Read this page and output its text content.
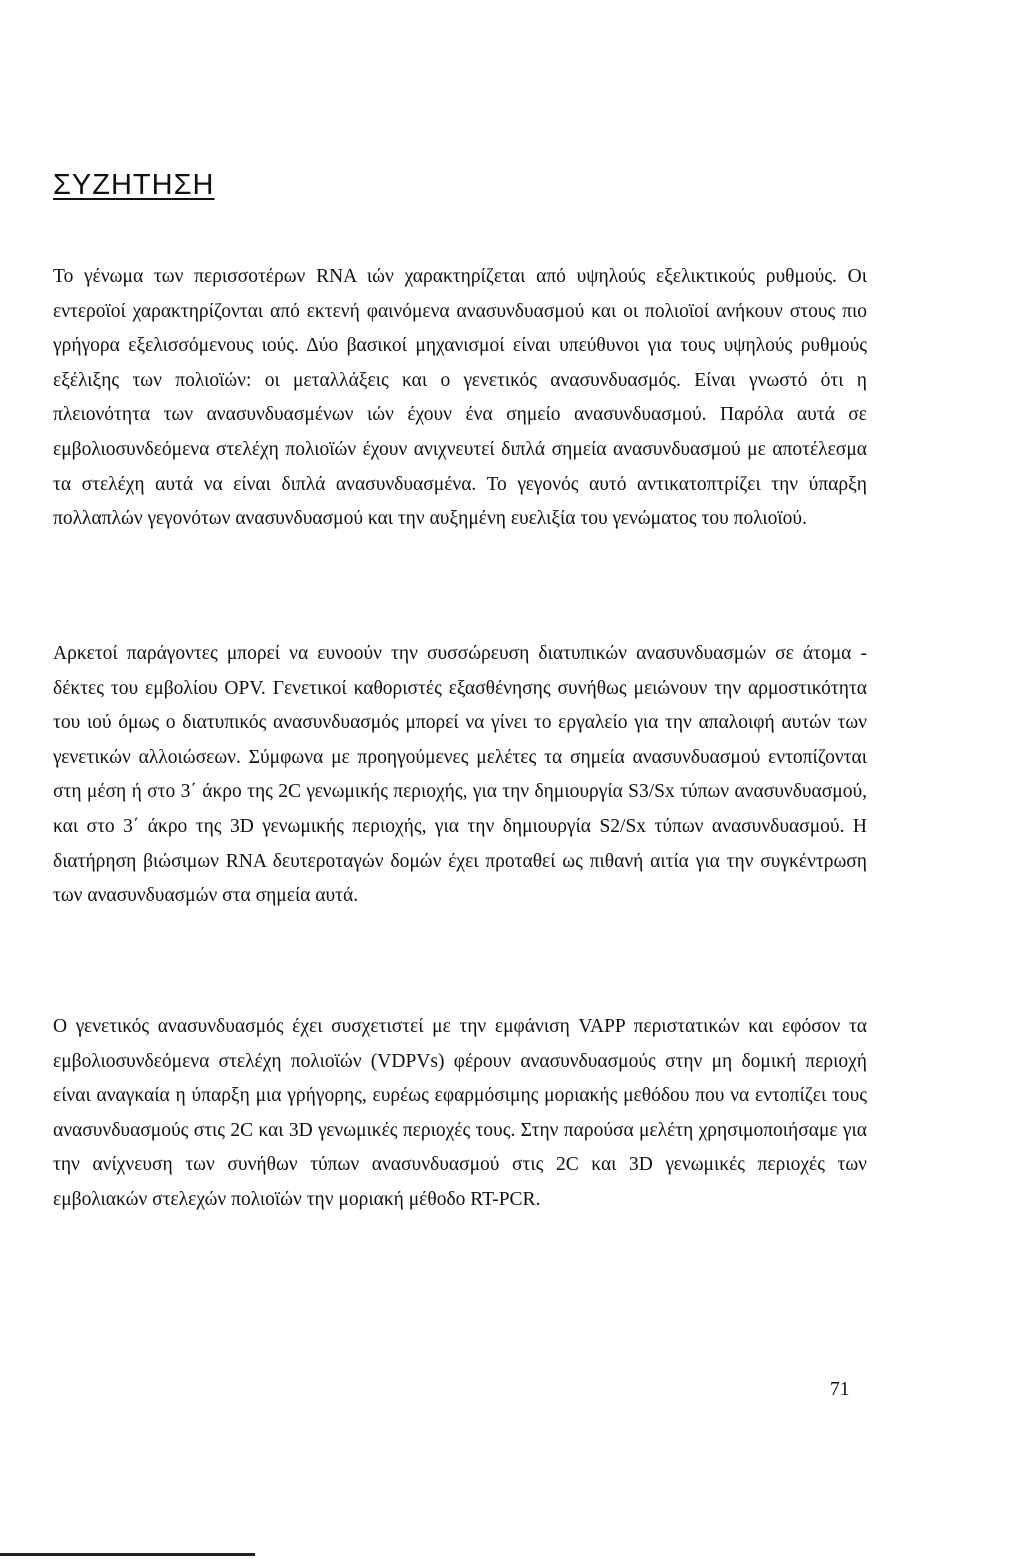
ΣΥΖΗΤΗΣΗ

Το γένωμα των περισσοτέρων RNA ιών χαρακτηρίζεται από υψηλούς εξελικτικούς ρυθμούς. Οι εντεροϊοί χαρακτηρίζονται από εκτενή φαινόμενα ανασυνδυασμού και οι πολιοϊοί ανήκουν στους πιο γρήγορα εξελισσόμενους ιούς. Δύο βασικοί μηχανισμοί είναι υπεύθυνοι για τους υψηλούς ρυθμούς εξέλιξης των πολιοϊών: οι μεταλλάξεις και ο γενετικός ανασυνδυασμός. Είναι γνωστό ότι η πλειονότητα των ανασυνδυασμένων ιών έχουν ένα σημείο ανασυνδυασμού. Παρόλα αυτά σε εμβολιοσυνδεόμενα στελέχη πολιοϊών έχουν ανιχνευτεί διπλά σημεία ανασυνδυασμού με αποτέλεσμα τα στελέχη αυτά να είναι διπλά ανασυνδυασμένα. Το γεγονός αυτό αντικατοπτρίζει την ύπαρξη πολλαπλών γεγονότων ανασυνδυασμού και την αυξημένη ευελιξία του γενώματος του πολιοϊού.

Αρκετοί παράγοντες μπορεί να ευνοούν την συσσώρευση διατυπικών ανασυνδυασμών σε άτομα - δέκτες του εμβολίου OPV. Γενετικοί καθοριστές εξασθένησης συνήθως μειώνουν την αρμοστικότητα του ιού όμως ο διατυπικός ανασυνδυασμός μπορεί να γίνει το εργαλείο για την απαλοιφή αυτών των γενετικών αλλοιώσεων. Σύμφωνα με προηγούμενες μελέτες τα σημεία ανασυνδυασμού εντοπίζονται στη μέση ή στο 3΄ άκρο της 2C γενωμικής περιοχής, για την δημιουργία S3/Sx τύπων ανασυνδυασμού, και στο 3΄ άκρο της 3D γενωμικής περιοχής, για την δημιουργία S2/Sx τύπων ανασυνδυασμού. Η διατήρηση βιώσιμων RNA δευτεροταγών δομών έχει προταθεί ως πιθανή αιτία για την συγκέντρωση των ανασυνδυασμών στα σημεία αυτά.

Ο γενετικός ανασυνδυασμός έχει συσχετιστεί με την εμφάνιση VAPP περιστατικών και εφόσον τα εμβολιοσυνδεόμενα στελέχη πολιοϊών (VDPVs) φέρουν ανασυνδυασμούς στην μη δομική περιοχή είναι αναγκαία η ύπαρξη μια γρήγορης, ευρέως εφαρμόσιμης μοριακής μεθόδου που να εντοπίζει τους ανασυνδυασμούς στις 2C και 3D γενωμικές περιοχές τους. Στην παρούσα μελέτη χρησιμοποιήσαμε για την ανίχνευση των συνήθων τύπων ανασυνδυασμού στις 2C και 3D γενωμικές περιοχές των εμβολιακών στελεχών πολιοϊών την μοριακή μέθοδο RT-PCR.

71
